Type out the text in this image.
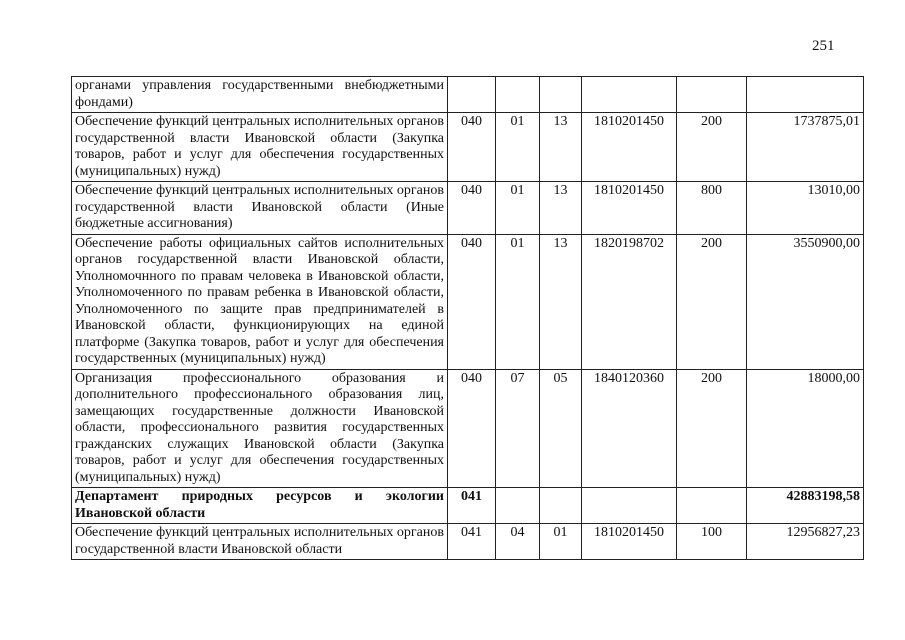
251
органами управления государственными внебюджетными фондами)						
Обеспечение функций центральных исполнительных органов государственной власти Ивановской области (Закупка товаров, работ и услуг для обеспечения государственных (муниципальных) нужд)	040	01	13	1810201450	200	1737875,01
Обеспечение функций центральных исполнительных органов государственной власти Ивановской области (Иные бюджетные ассигнования)	040	01	13	1810201450	800	13010,00
Обеспечение работы официальных сайтов исполнительных органов государственной власти Ивановской области, Уполномочнного по правам человека в Ивановской области, Уполномоченного по правам ребенка в Ивановской области, Уполномоченного по защите прав предпринимателей в Ивановской области, функционирующих на единой платформе (Закупка товаров, работ и услуг для обеспечения государственных (муниципальных) нужд)	040	01	13	1820198702	200	3550900,00
Организация профессионального образования и дополнительного профессионального образования лиц, замещающих государственные должности Ивановской области, профессионального развития государственных гражданских служащих Ивановской области (Закупка товаров, работ и услуг для обеспечения государственных (муниципальных) нужд)	040	07	05	1840120360	200	18000,00
Департамент природных ресурсов и экологии Ивановской области	041					42883198,58
Обеспечение функций центральных исполнительных органов государственной власти Ивановской области	041	04	01	1810201450	100	12956827,23
